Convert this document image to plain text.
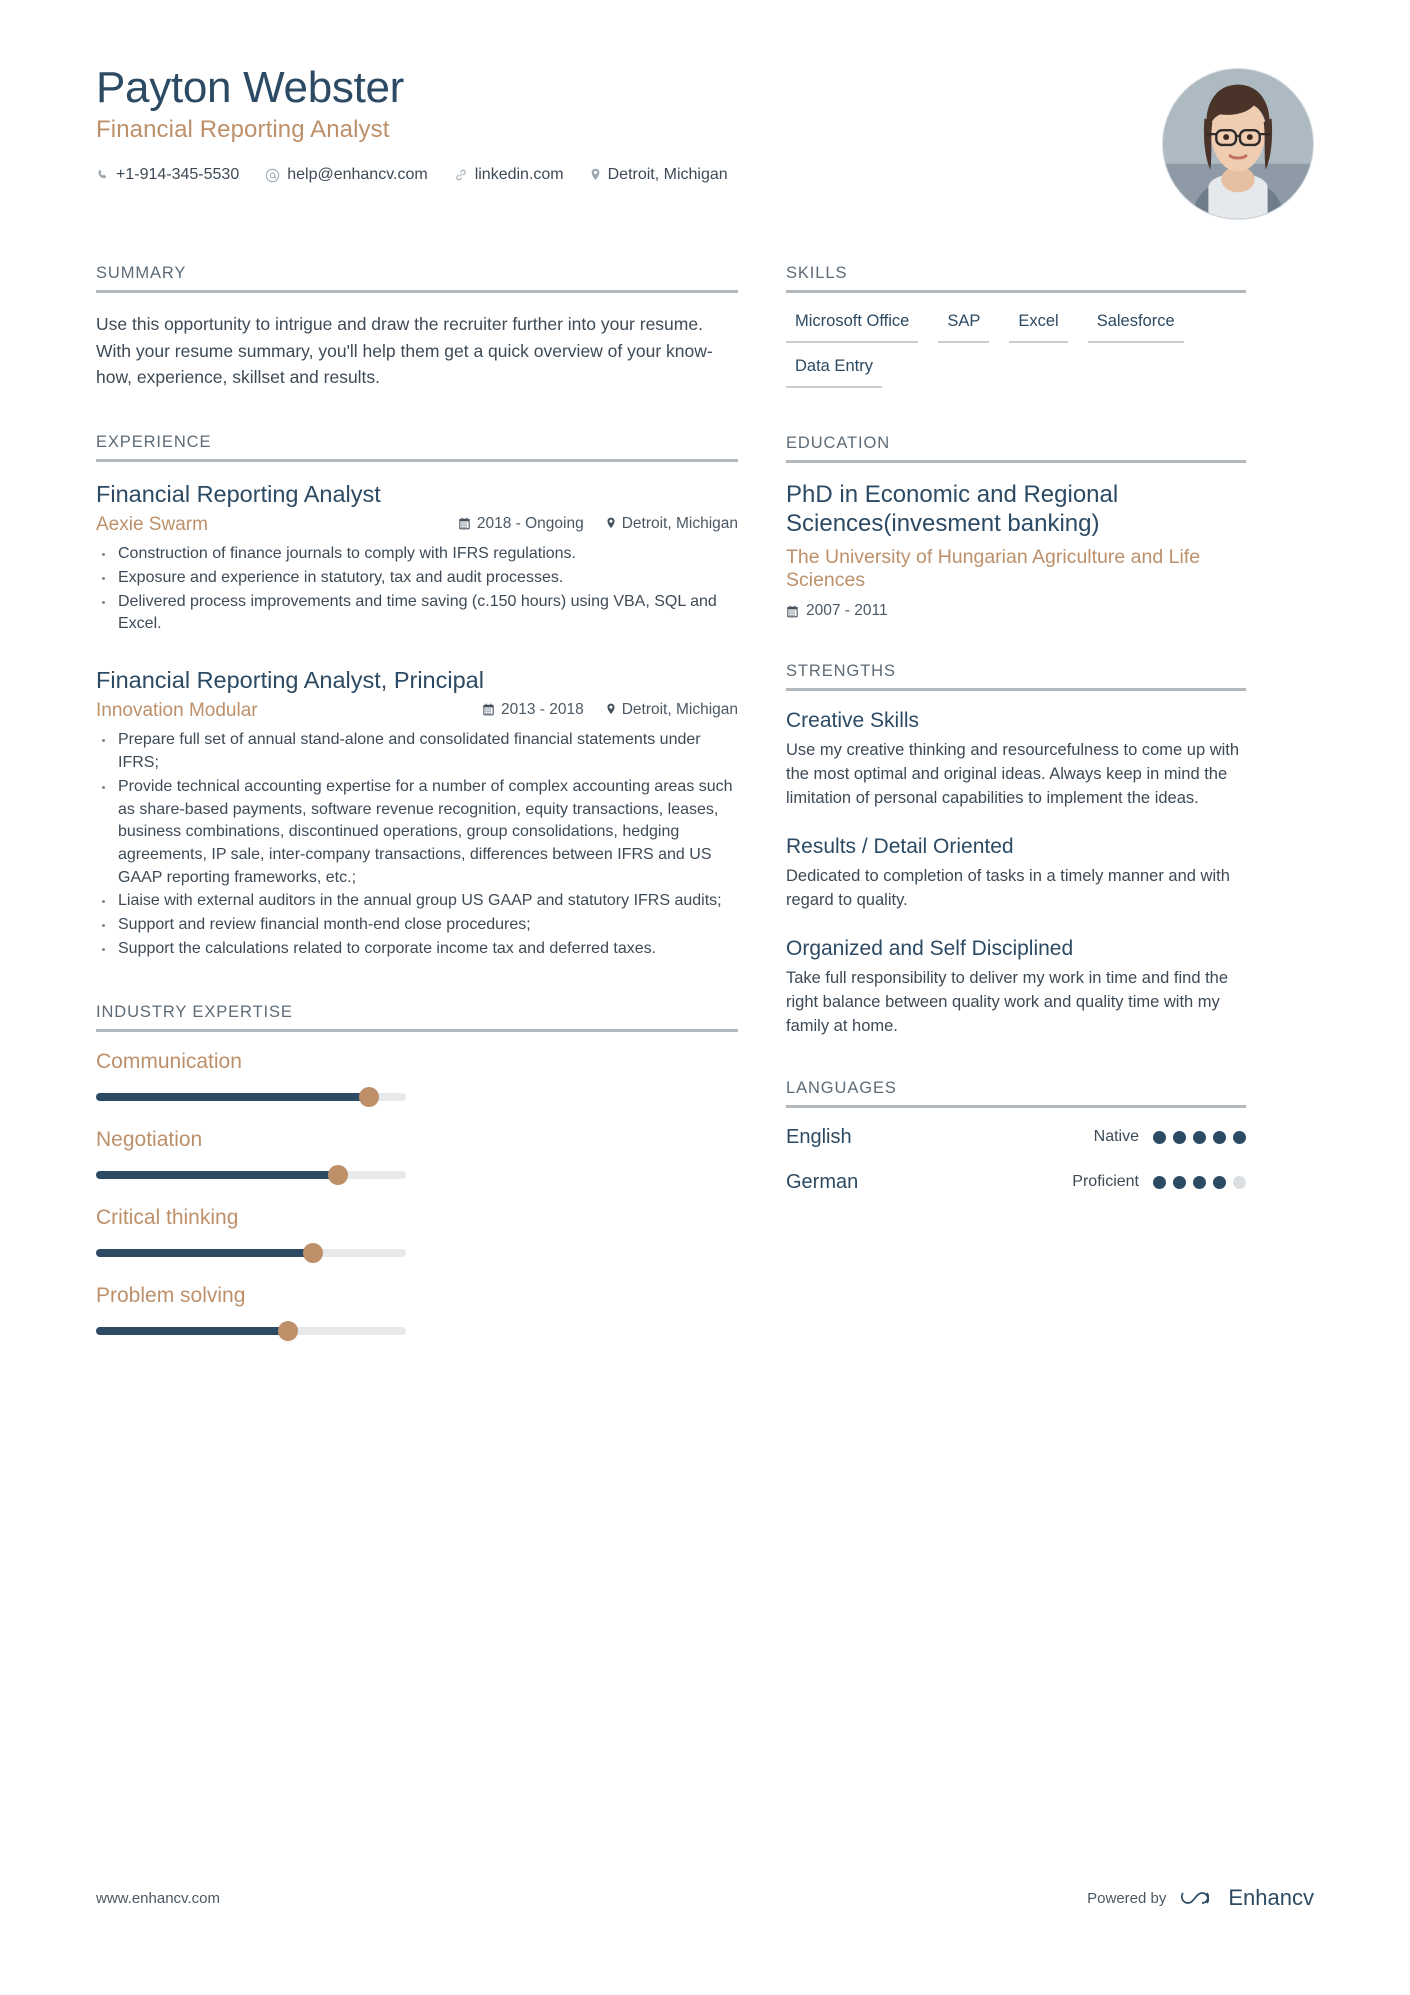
Payton Webster
Financial Reporting Analyst
+1-914-345-5530	help@enhancv.com	linkedin.com	Detroit, Michigan
SUMMARY
Use this opportunity to intrigue and draw the recruiter further into your resume. With your resume summary, you'll help them get a quick overview of your know-how, experience, skillset and results.
EXPERIENCE
Financial Reporting Analyst
Aexie Swarm	2018 - Ongoing Detroit, Michigan
Construction of finance journals to comply with IFRS regulations.
Exposure and experience in statutory, tax and audit processes.
Delivered process improvements and time saving (c.150 hours) using VBA, SQL and Excel.
Financial Reporting Analyst, Principal
Innovation Modular	2013 - 2018 Detroit, Michigan
Prepare full set of annual stand-alone and consolidated financial statements under IFRS;
Provide technical accounting expertise for a number of complex accounting areas such as share-based payments, software revenue recognition, equity transactions, leases, business combinations, discontinued operations, group consolidations, hedging agreements, IP sale, inter-company transactions, differences between IFRS and US GAAP reporting frameworks, etc.;
Liaise with external auditors in the annual group US GAAP and statutory IFRS audits;
Support and review financial month-end close procedures;
Support the calculations related to corporate income tax and deferred taxes.
INDUSTRY EXPERTISE
Communication
Negotiation
Critical thinking
Problem solving
SKILLS
Microsoft Office	SAP	Excel	Salesforce
Data Entry
EDUCATION
PhD in Economic and Regional Sciences(invesment banking)
The University of Hungarian Agriculture and Life Sciences
2007 - 2011
STRENGTHS
Creative Skills
Use my creative thinking and resourcefulness to come up with the most optimal and original ideas. Always keep in mind the limitation of personal capabilities to implement the ideas.
Results / Detail Oriented
Dedicated to completion of tasks in a timely manner and with regard to quality.
Organized and Self Disciplined
Take full responsibility to deliver my work in time and find the right balance between quality work and quality time with my family at home.
LANGUAGES
English	Native
German	Proficient
www.enhancv.com	Powered by	Enhancv
